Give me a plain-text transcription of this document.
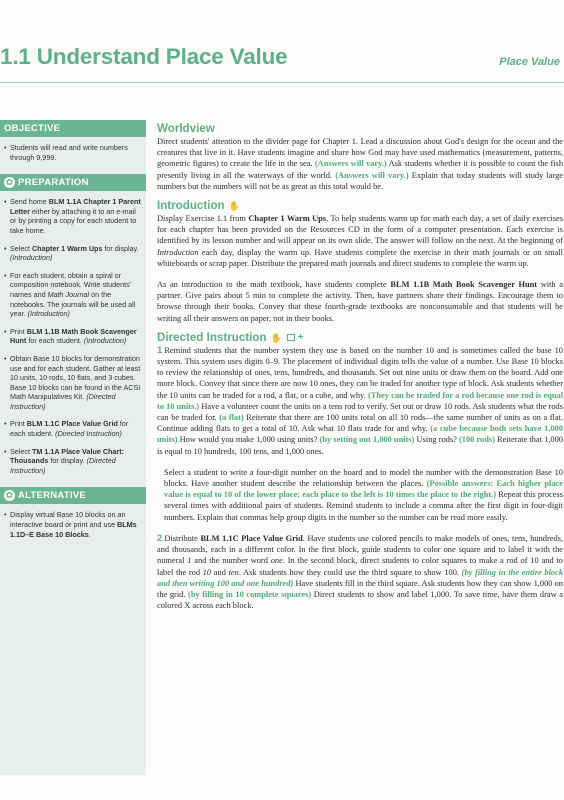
1.1 Understand Place Value	Place Value
OBJECTIVE
• Students will read and write numbers through 9,999.
✿ PREPARATION
• Send home BLM 1.1A Chapter 1 Parent Letter either by attaching it to an e-mail or by printing a copy for each student to take home.
• Select Chapter 1 Warm Ups for display. (Introduction)
• For each student, obtain a spiral or composition notebook. Write students' names and Math Journal on the notebooks. The journals will be used all year. (Introduction)
• Print BLM 1.1B Math Book Scavenger Hunt for each student. (Introduction)
• Obtain Base 10 blocks for demonstration use and for each student. Gather at least 10 units, 10 rods, 10 flats, and 3 cubes. Base 10 blocks can be found in the ACSI Math Manipulatives Kit. (Directed Instruction)
• Print BLM 1.1C Place Value Grid for each student. (Directed Instruction)
• Select TM 1.1A Place Value Chart: Thousands for display. (Directed Instruction)
✿ ALTERNATIVE
• Display virtual Base 10 blocks on an interactive board or print and use BLMs 1.1D–E Base 10 Blocks.
Worldview

Direct students' attention to the divider page for Chapter 1. Lead a discussion about God's design for the ocean and the creatures that live in it. Have students imagine and share how God may have used mathematics (measurement, patterns, geometric figures) to create the life in the sea. (Answers will vary.) Ask students whether it is possible to count the fish presently living in all the waterways of the world. (Answers will vary.) Explain that today students will study large numbers but the numbers will not be as great as this total would be.

Introduction ✋

Display Exercise 1.1 from Chapter 1 Warm Ups. To help students warm up for math each day, a set of daily exercises for each chapter has been provided on the Resources CD in the form of a computer presentation. Each exercise is identified by its lesson number and will appear on its own slide. The answer will follow on the next. At the beginning of Introduction each day, display the warm up. Have students complete the exercise in their math journals or on small whiteboards or scrap paper. Distribute the prepared math journals and direct students to complete the warm up.

As an introduction to the math textbook, have students complete BLM 1.1B Math Book Scavenger Hunt with a partner. Give pairs about 5 min to complete the activity. Then, have partners share their findings. Encourage them to browse through their books. Convey that these fourth-grade textbooks are nonconsumable and that students will be writing all their answers on paper, not in their books.

Directed Instruction ✋ +

1 Remind students that the number system they use is based on the number 10 and is sometimes called the base 10 system. This system uses digits 0–9. The placement of individual digits tells the value of a number. Use Base 10 blocks to review the relationship of ones, tens, hundreds, and thousands. Set out nine units or draw them on the board. Add one more block. Convey that since there are now 10 ones, they can be traded for another type of block. Ask students whether the 10 units can be traded for a rod, a flat, or a cube, and why. (They can be traded for a rod because one rod is equal to 10 units.) Have a volunteer count the units on a tens rod to verify. Set out or draw 10 rods. Ask students what the rods can be traded for. (a flat) Reiterate that there are 100 units total on all 10 rods—the same number of units as on a flat. Continue adding flats to get a total of 10. Ask what 10 flats trade for and why. (a cube because both sets have 1,000 units) How would you make 1,000 using units? (by setting out 1,000 units) Using rods? (100 rods) Reiterate that 1,000 is equal to 10 hundreds, 100 tens, and 1,000 ones.

Select a student to write a four-digit number on the board and to model the number with the demonstration Base 10 blocks. Have another student describe the relationship between the places. (Possible answers: Each higher place value is equal to 10 of the lower place; each place to the left is 10 times the place to the right.) Repeat this process several times with additional pairs of students. Remind students to include a comma after the first digit in four-digit numbers. Explain that commas help group digits in the number so the number can be read more easily.

2 Distribute BLM 1.1C Place Value Grid. Have students use colored pencils to make models of ones, tens, hundreds, and thousands, each in a different color. In the first block, guide students to color one square and to label it with the numeral 1 and the number word one. In the second block, direct students to color squares to make a rod of 10 and to label the rod 10 and ten. Ask students how they could use the third square to show 100. (by filling in the entire block and then writing 100 and one hundred) Have students fill in the third square. Ask students how they can show 1,000 on the grid. (by filling in 10 complete squares) Direct students to show and label 1,000. To save time, have them draw a colored X across each block.
